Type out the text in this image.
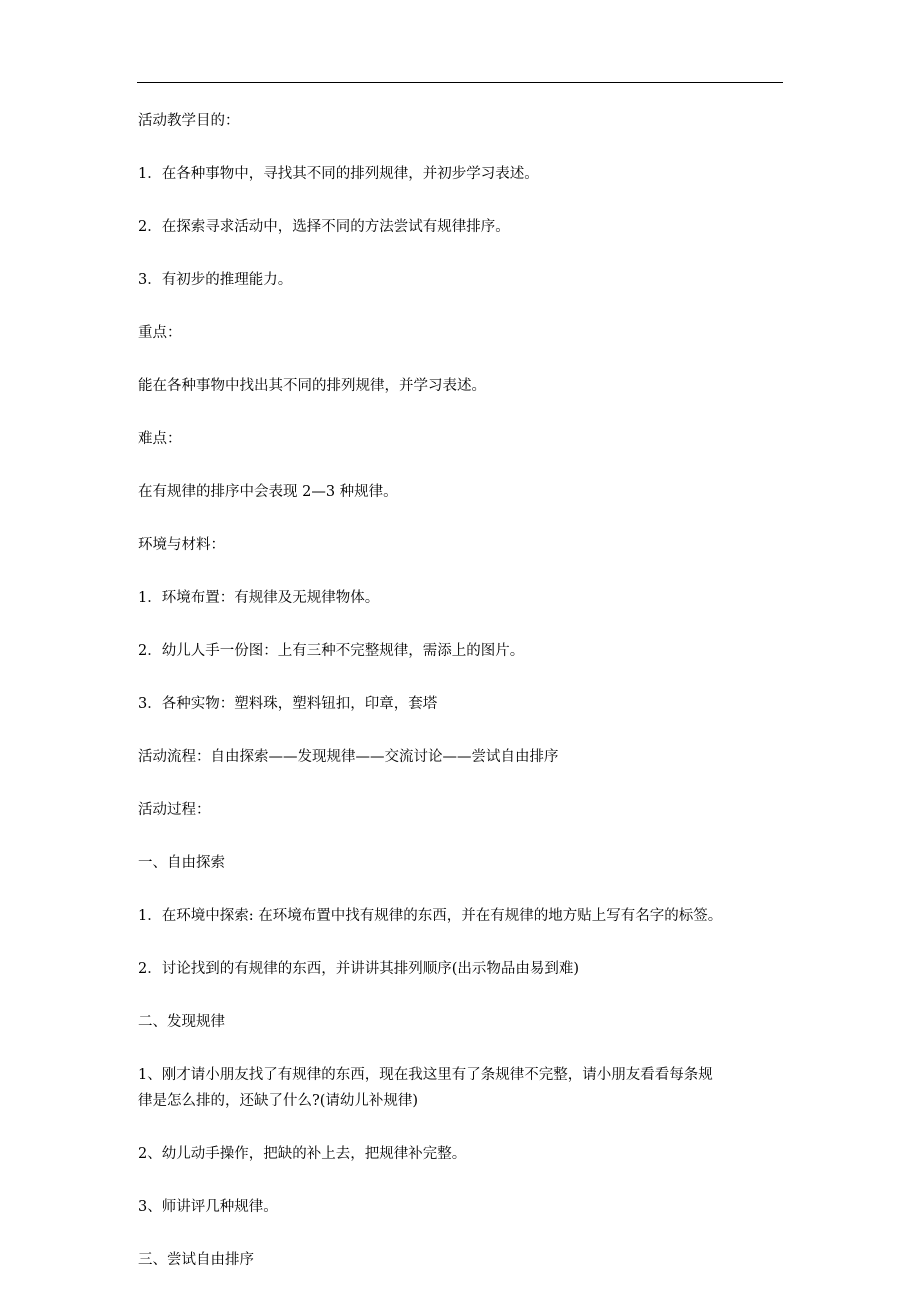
活动教学目的：
1．在各种事物中，寻找其不同的排列规律，并初步学习表述。
2．在探索寻求活动中，选择不同的方法尝试有规律排序。
3．有初步的推理能力。
重点：
能在各种事物中找出其不同的排列规律，并学习表述。
难点：
在有规律的排序中会表现 2—3 种规律。
环境与材料：
1．环境布置：有规律及无规律物体。
2．幼儿人手一份图：上有三种不完整规律，需添上的图片。
3．各种实物：塑料珠，塑料钮扣，印章，套塔
活动流程：自由探索——发现规律——交流讨论——尝试自由排序
活动过程：
一、自由探索
1．在环境中探索: 在环境布置中找有规律的东西，并在有规律的地方贴上写有名字的标签。
2．讨论找到的有规律的东西，并讲讲其排列顺序(出示物品由易到难)
二、发现规律
1、刚才请小朋友找了有规律的东西，现在我这里有了条规律不完整，请小朋友看看每条规
律是怎么排的，还缺了什么?(请幼儿补规律)
2、幼儿动手操作，把缺的补上去，把规律补完整。
3、师讲评几种规律。
三、尝试自由排序
